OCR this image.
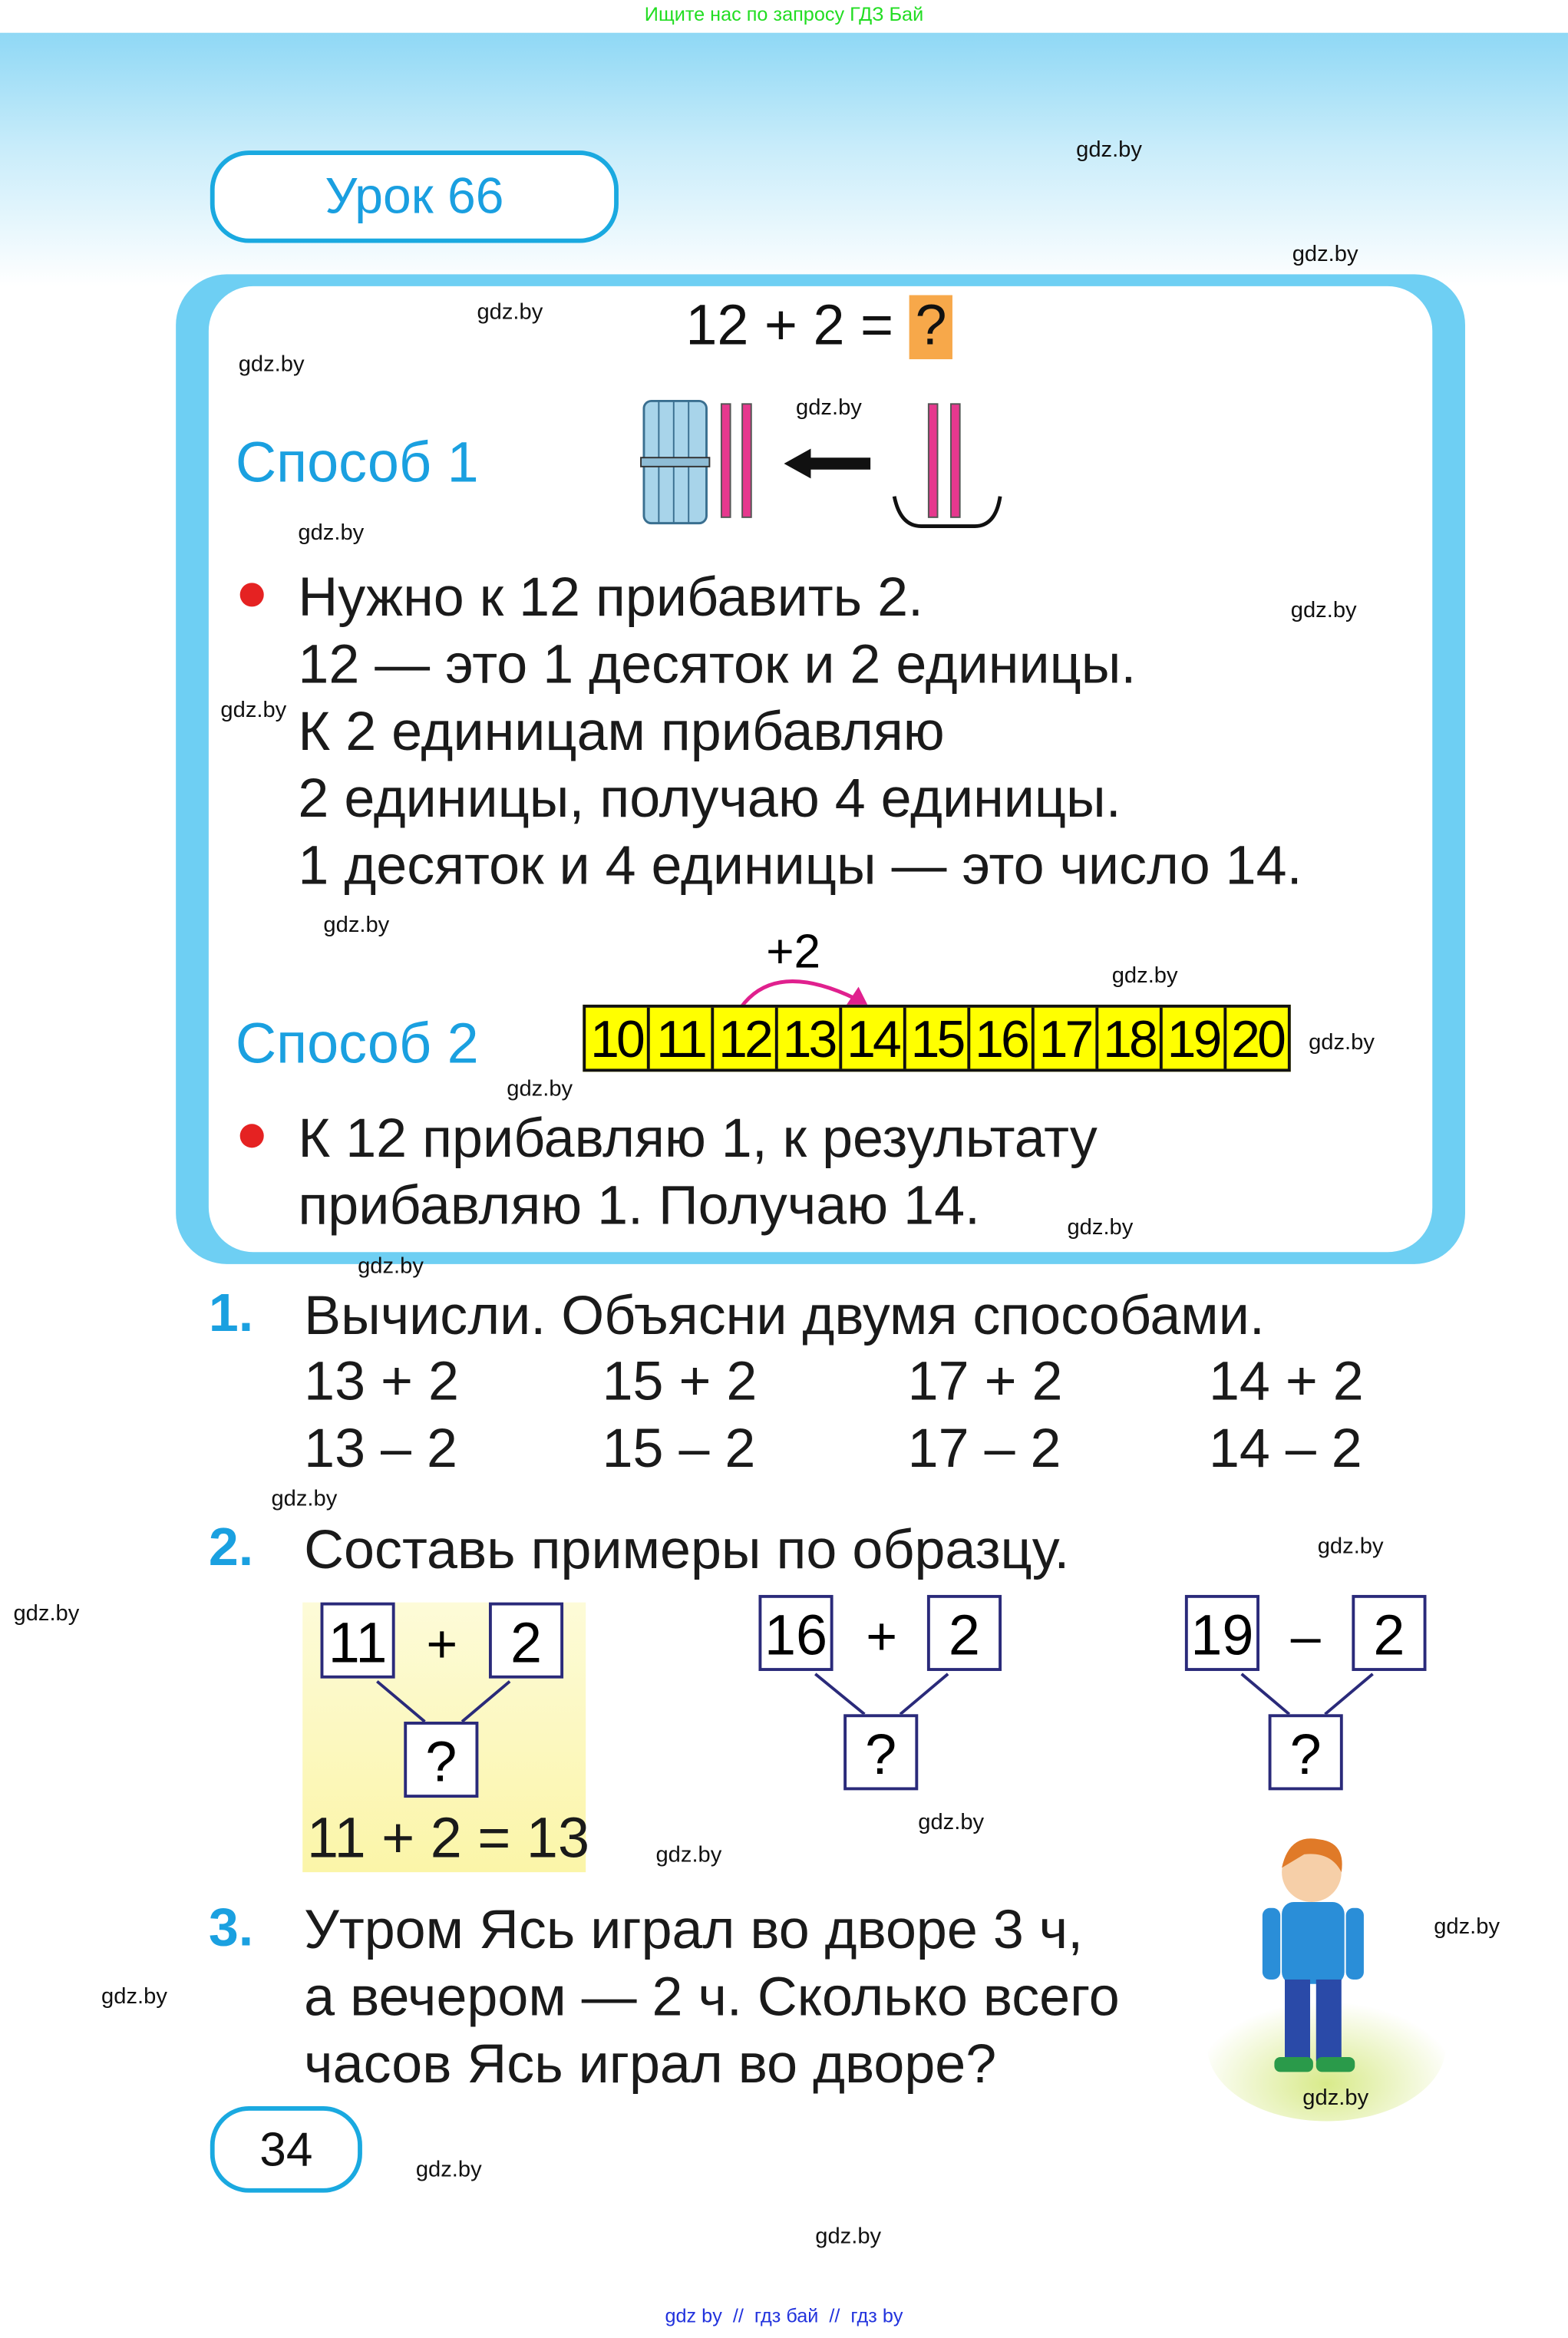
Ищите нас по запросу ГДЗ Бай
Урок 66
12 + 2 = ?
Способ 1
Нужно к 12 прибавить 2.
12 — это 1 десяток и 2 единицы.
К 2 единицам прибавляю
2 единицы, получаю 4 единицы.
1 десяток и 4 единицы — это число 14.
+2
10 11 12 13 14 15 16 17 18 19 20
Способ 2
К 12 прибавляю 1, к результату
прибавляю 1. Получаю 14.
1. Вычисли. Объясни двумя способами.
13 + 2	15 + 2	17 + 2	14 + 2
13 – 2	15 – 2	17 – 2	14 – 2
2. Составь примеры по образцу.
11 +	2
?
11 + 2 = 13
16 +	2
?
19 –	2
?
3. Утром Ясь играл во дворе 3 ч,
а вечером — 2 ч. Сколько всего
часов Ясь играл во дворе?
34
gdz.by
gdz.by
gdz.by
gdz.by
gdz.by
gdz.by
gdz.by
gdz.by
gdz.by
gdz.by
gdz.by
gdz.by
gdz.by
gdz.by
gdz.by
gdz.by
gdz.by
gdz.by
gdz.by
gdz.by
gdz.by
gdz.by
gdz.by
gdz.by
gdz by  //  гдз бай  //  гдз by
